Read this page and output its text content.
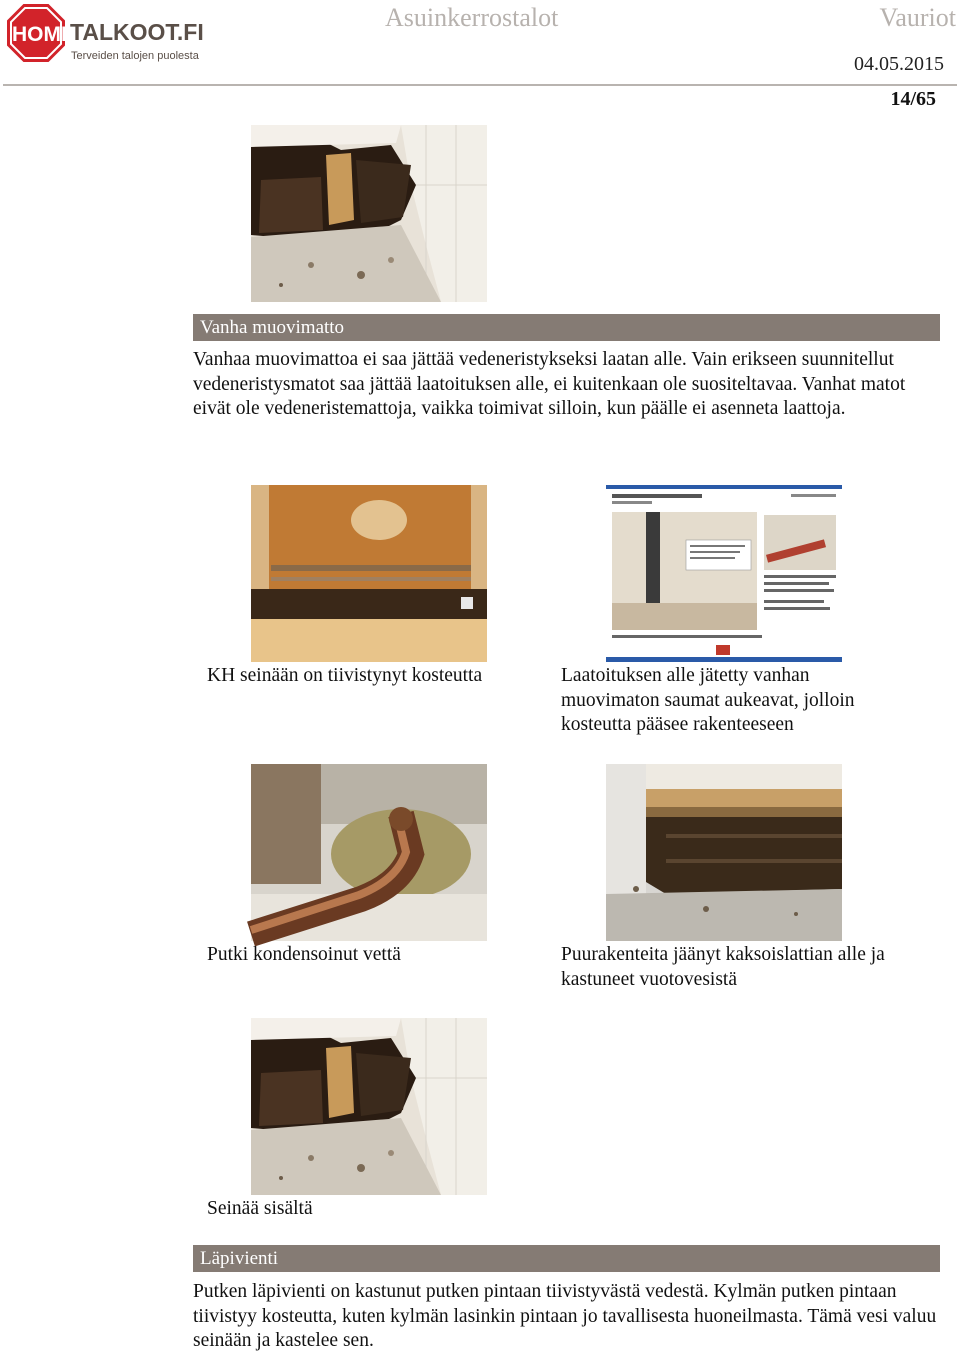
HOME
TALKOOT.FI
Terveiden talojen puolesta
Asuinkerrostalot	Vauriot
04.05.2015
14/65
Vanha muovimatto

Vanhaa muovimattoa ei saa jättää vedeneristykseksi laatan alle. Vain erikseen suunnitellut vedeneristysmatot saa jättää laatoituksen alle, ei kuitenkaan ole suositeltavaa. Vanhat matot eivät ole vedeneristemattoja, vaikka toimivat silloin, kun päälle ei asenneta laattoja.

KH seinään on tiivistynyt kosteutta	Laatoituksen alle jätetty vanhan muovimaton saumat aukeavat, jolloin kosteutta pääsee rakenteeseen

Putki kondensoinut vettä	Puurakenteita jäänyt kaksoislattian alle ja kastuneet vuotovesistä

Seinää sisältä

Läpivienti

Putken läpivienti on kastunut putken pintaan tiivistyvästä vedestä. Kylmän putken pintaan tiivistyy kosteutta, kuten kylmän lasinkin pintaan jo tavallisesta huoneilmasta. Tämä vesi valuu seinään ja kastelee sen.
